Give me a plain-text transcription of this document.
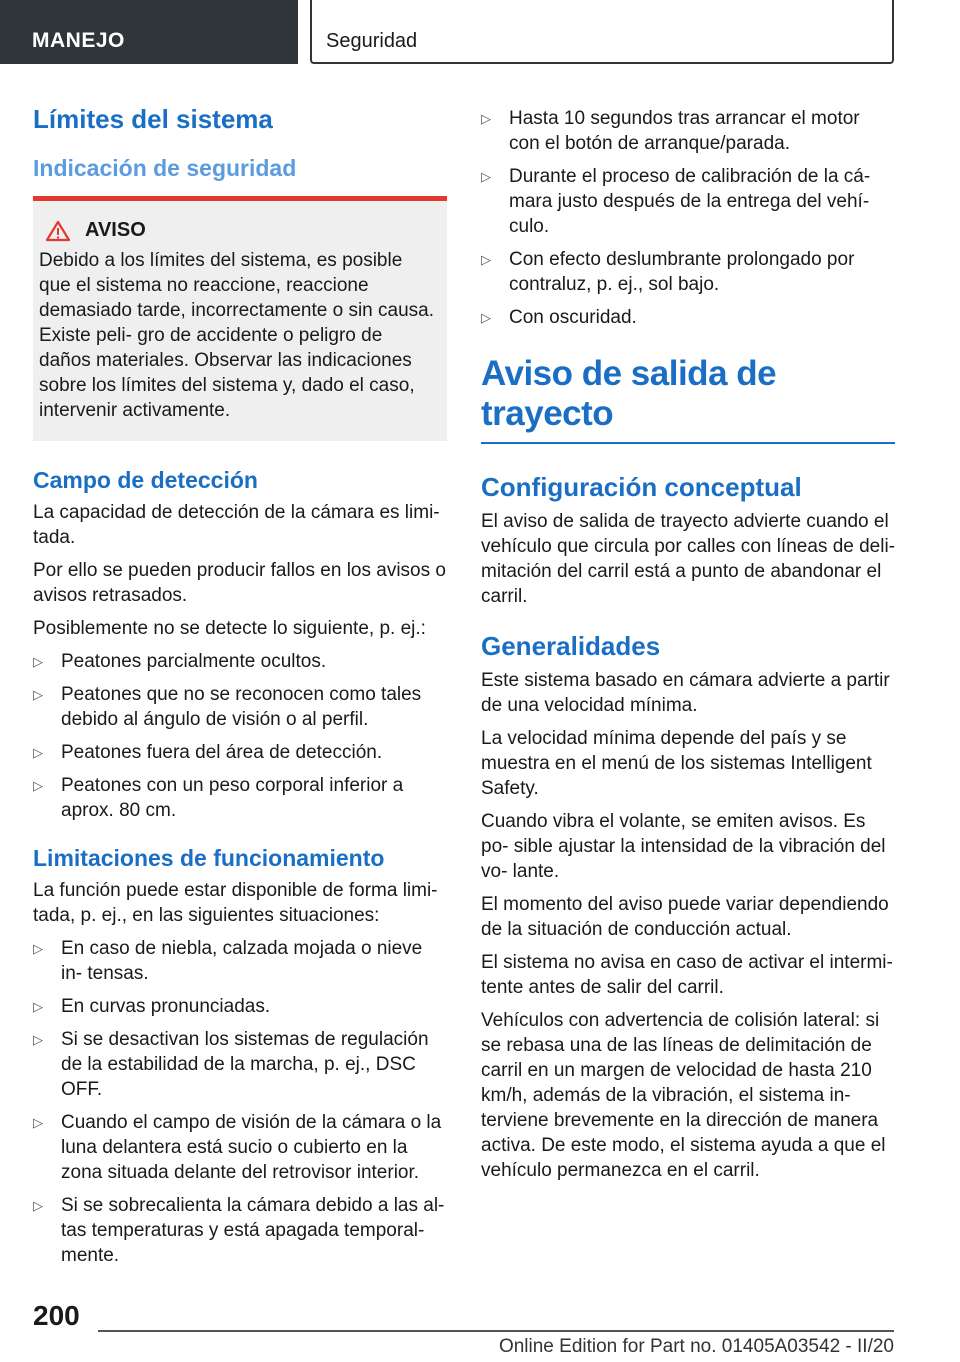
MANEJO	Seguridad
Límites del sistema
Indicación de seguridad
AVISO

Debido a los límites del sistema, es posible que el sistema no reaccione, reaccione demasiado tarde, incorrectamente o sin causa. Existe peli- gro de accidente o peligro de daños materiales. Observar las indicaciones sobre los límites del sistema y, dado el caso, intervenir activamente.

Campo de detección

La capacidad de detección de la cámara es limi- tada.

Por ello se pueden producir fallos en los avisos o avisos retrasados.

Posiblemente no se detecte lo siguiente, p. ej.:

▷ Peatones parcialmente ocultos.
▷ Peatones que no se reconocen como tales debido al ángulo de visión o al perfil.
▷ Peatones fuera del área de detección.
▷ Peatones con un peso corporal inferior a aprox. 80 cm.
Limitaciones de funcionamiento

La función puede estar disponible de forma limi- tada, p. ej., en las siguientes situaciones:

▷ En caso de niebla, calzada mojada o nieve in- tensas.
▷ En curvas pronunciadas.
▷ Si se desactivan los sistemas de regulación de la estabilidad de la marcha, p. ej., DSC OFF.
▷ Cuando el campo de visión de la cámara o la luna delantera está sucio o cubierto en la zona situada delante del retrovisor interior.
▷ Si se sobrecalienta la cámara debido a las al- tas temperaturas y está apagada temporal- mente.
▷ Hasta 10 segundos tras arrancar el motor con el botón de arranque/parada.
▷ Durante el proceso de calibración de la cá- mara justo después de la entrega del vehí- culo.
▷ Con efecto deslumbrante prolongado por contraluz, p. ej., sol bajo.
▷ Con oscuridad.
Aviso de salida de trayecto
Configuración conceptual

El aviso de salida de trayecto advierte cuando el vehículo que circula por calles con líneas de deli- mitación del carril está a punto de abandonar el carril.

Generalidades

Este sistema basado en cámara advierte a partir de una velocidad mínima.

La velocidad mínima depende del país y se muestra en el menú de los sistemas Intelligent Safety.

Cuando vibra el volante, se emiten avisos. Es po- sible ajustar la intensidad de la vibración del vo- lante.

El momento del aviso puede variar dependiendo de la situación de conducción actual.

El sistema no avisa en caso de activar el intermi- tente antes de salir del carril.

Vehículos con advertencia de colisión lateral: si se rebasa una de las líneas de delimitación de carril en un margen de velocidad de hasta 210 km/h, además de la vibración, el sistema in- terviene brevemente en la dirección de manera activa. De este modo, el sistema ayuda a que el vehículo permanezca en el carril.

200
Online Edition for Part no. 01405A03542 - II/20
